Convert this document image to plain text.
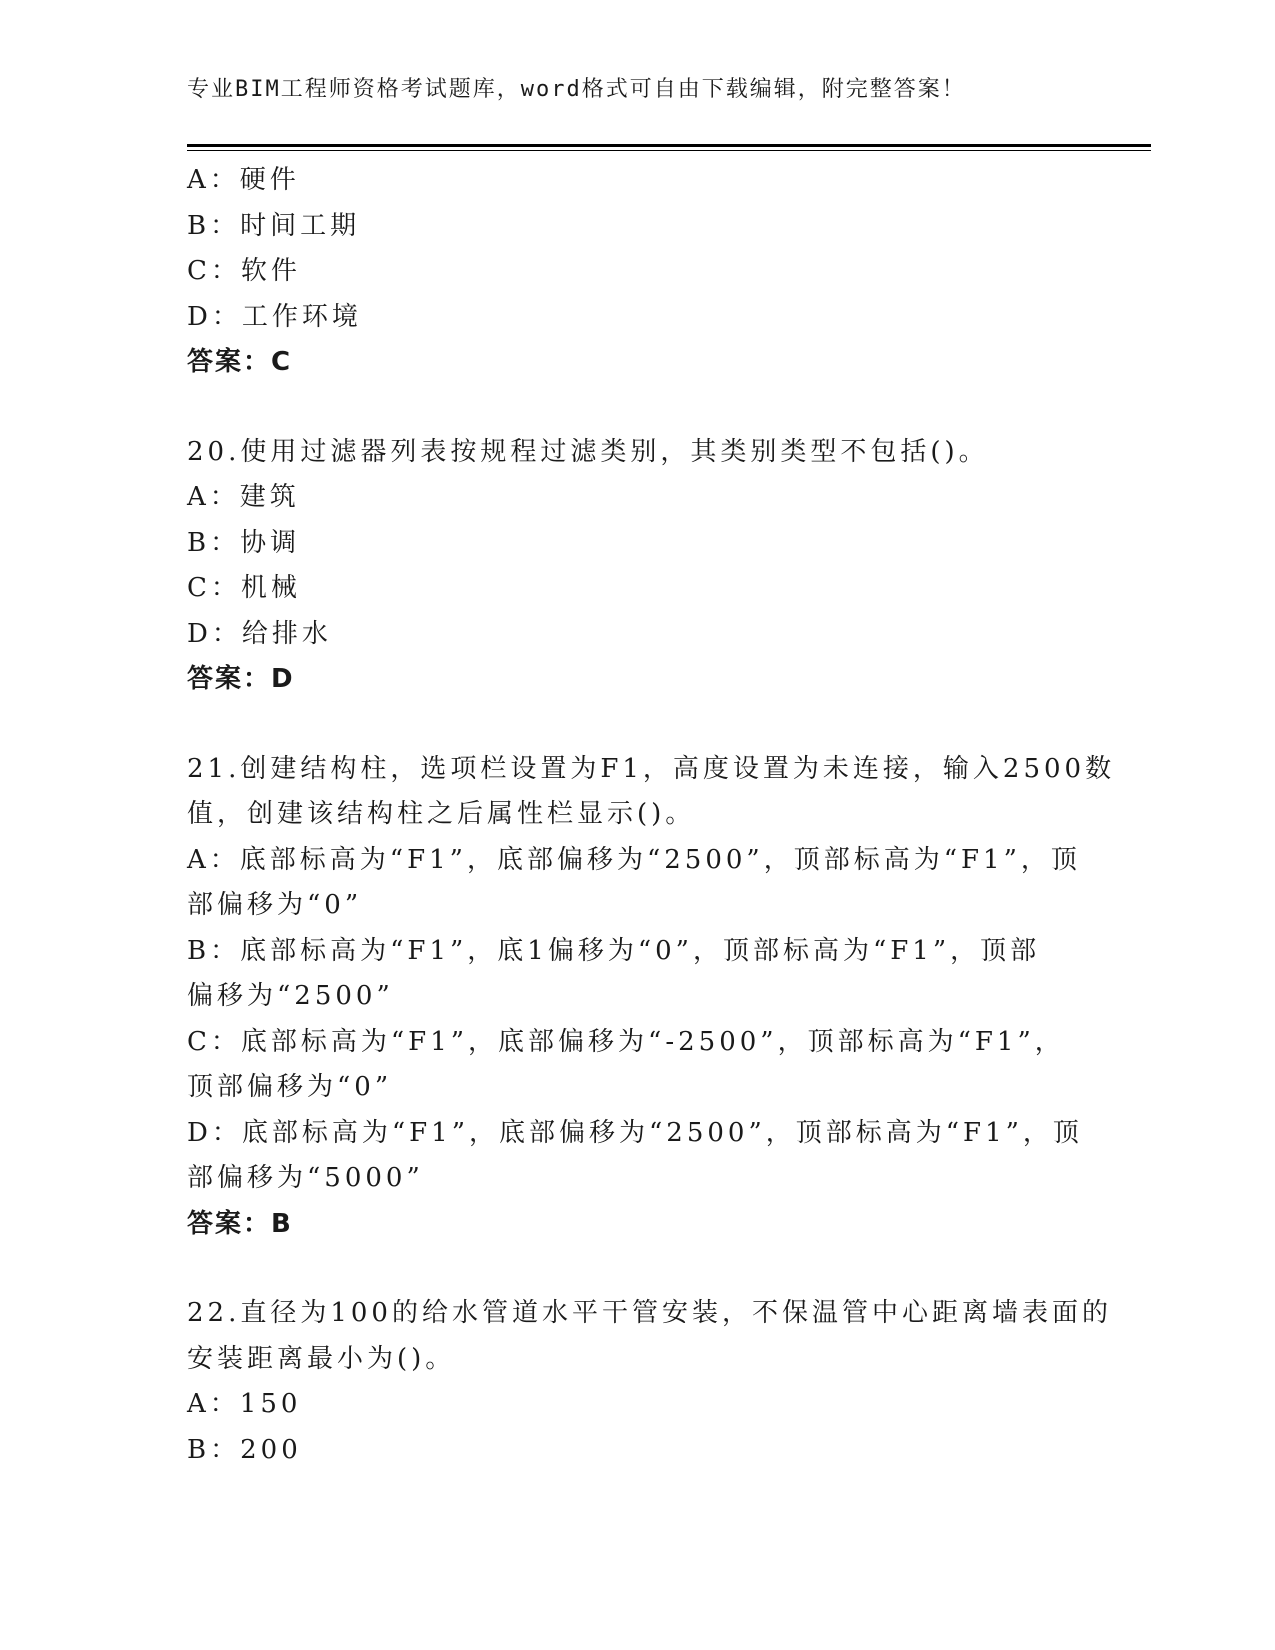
专业BIM工程师资格考试题库，word格式可自由下载编辑，附完整答案！
A：硬件
B：时间工期
C：软件
D：工作环境
答案：C
20.使用过滤器列表按规程过滤类别，其类别类型不包括()。
A：建筑
B：协调
C：机械
D：给排水
答案：D
21.创建结构柱，选项栏设置为F1，高度设置为未连接，输入2500数
值，创建该结构柱之后属性栏显示()。
A：底部标高为“F1”，底部偏移为“2500”，顶部标高为“F1”，顶
部偏移为“0”
B：底部标高为“F1”，底1偏移为“0”，顶部标高为“F1”，顶部
偏移为“2500”
C：底部标高为“F1”，底部偏移为“-2500”，顶部标高为“F1”，
顶部偏移为“0”
D：底部标高为“F1”，底部偏移为“2500”，顶部标高为“F1”，顶
部偏移为“5000”
答案：B
22.直径为100的给水管道水平干管安装，不保温管中心距离墙表面的
安装距离最小为()。
A：150
B：200
